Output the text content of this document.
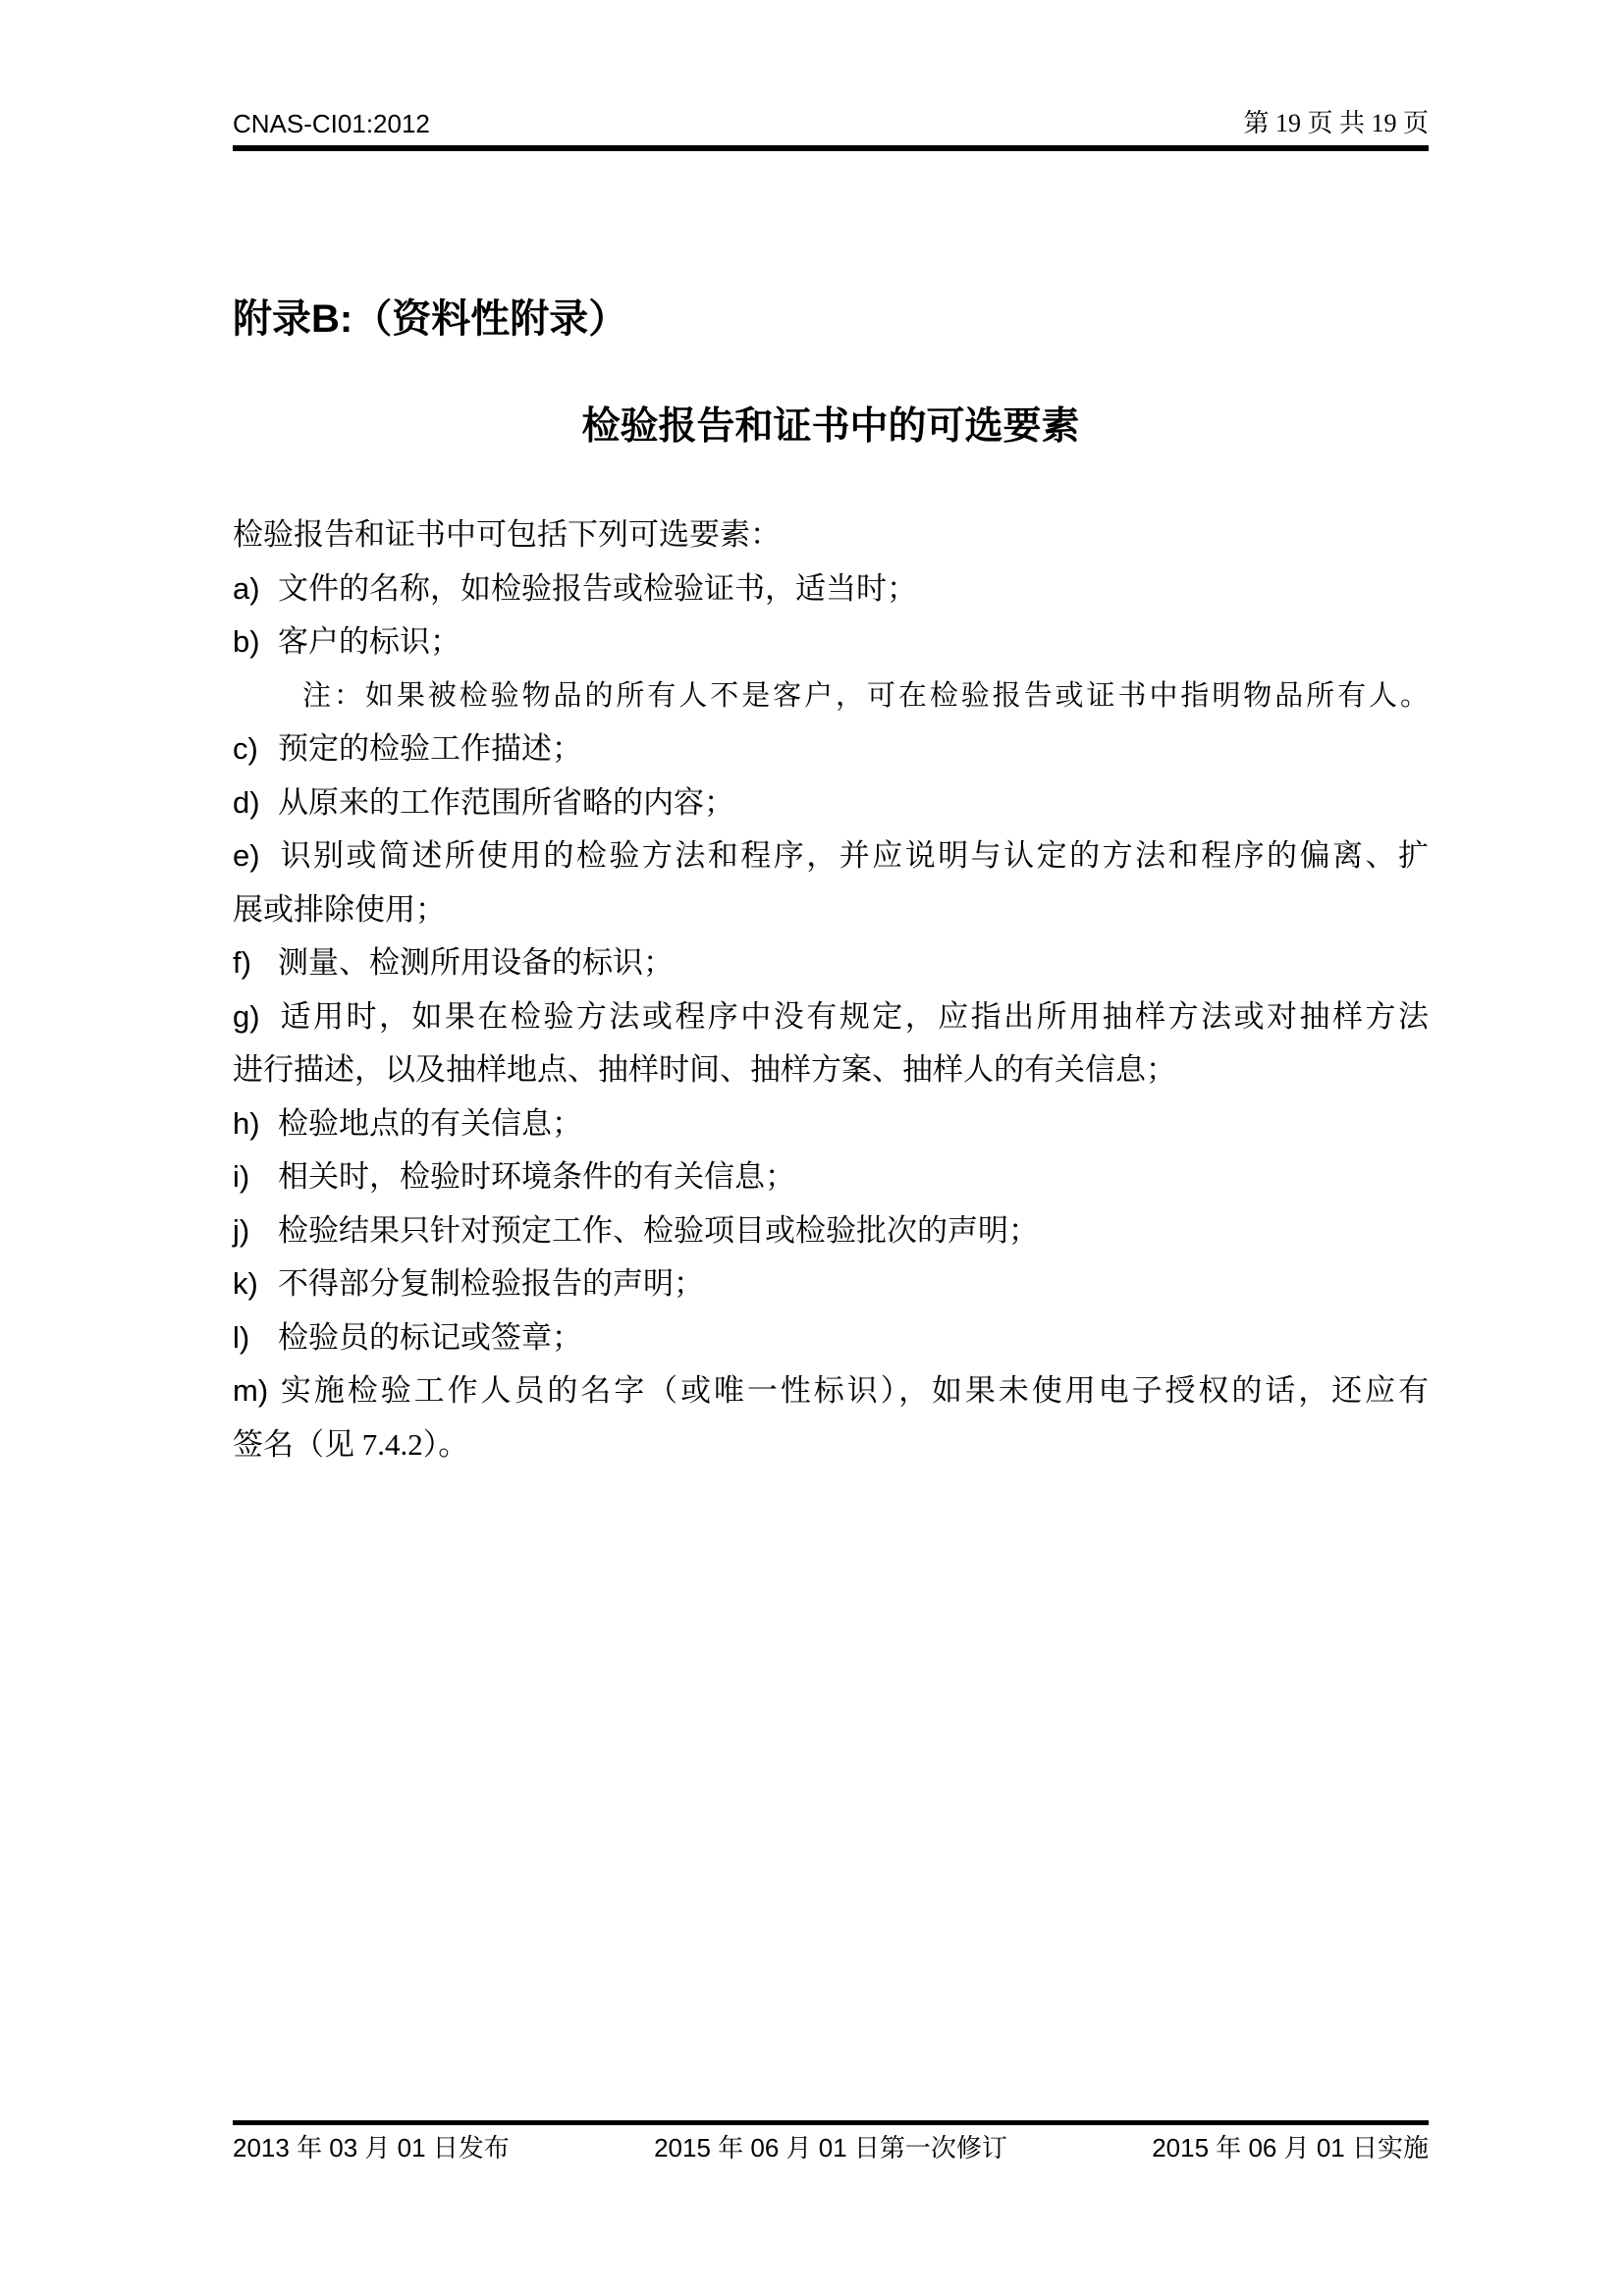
CNAS-CI01:2012	第 19 页 共 19 页
附录B:（资料性附录）
检验报告和证书中的可选要素
检验报告和证书中可包括下列可选要素：
a) 文件的名称，如检验报告或检验证书，适当时；
b) 客户的标识；
注：如果被检验物品的所有人不是客户，可在检验报告或证书中指明物品所有人。
c) 预定的检验工作描述；
d) 从原来的工作范围所省略的内容；
e) 识别或简述所使用的检验方法和程序，并应说明与认定的方法和程序的偏离、扩
展或排除使用；
f) 测量、检测所用设备的标识；
g) 适用时，如果在检验方法或程序中没有规定，应指出所用抽样方法或对抽样方法
进行描述，以及抽样地点、抽样时间、抽样方案、抽样人的有关信息；
h) 检验地点的有关信息；
i) 相关时，检验时环境条件的有关信息；
j) 检验结果只针对预定工作、检验项目或检验批次的声明；
k) 不得部分复制检验报告的声明；
l) 检验员的标记或签章；
m) 实施检验工作人员的名字（或唯一性标识），如果未使用电子授权的话，还应有
签名（见 7.4.2）。
2013 年 03 月 01 日发布	2015 年 06 月 01 日第一次修订	2015 年 06 月 01 日实施
